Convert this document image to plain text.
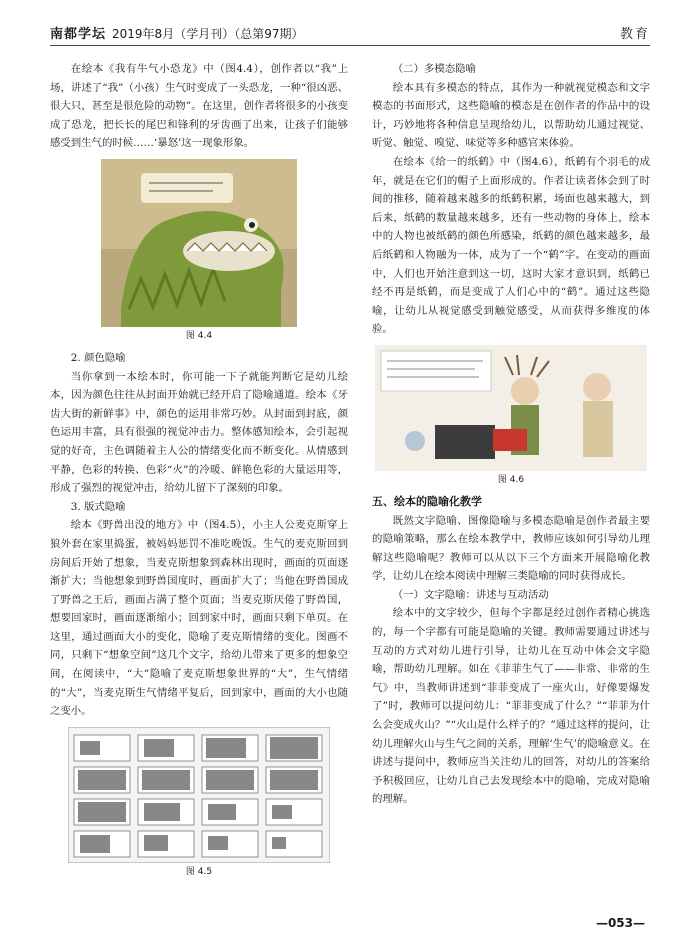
南都学坛 2019年8月（学月刊）（总第97期）	教育

在绘本《我有牛气小恐龙》中（图4.4），创作者以“我”上场，讲述了“我”（小孩）生气时变成了一头恐龙，一种“很凶恶、很大只，甚至是很危险的动物”。在这里，创作者将很多的小孩变成了恐龙，把长长的尾巴和锋利的牙齿画了出来，让孩子们能够感受到生气的时候……‘暴怒’这一现象形象。

图 4.4
2. 颜色隐喻

当你拿到一本绘本时，你可能一下子就能判断它是幼儿绘本，因为颜色往往从封面开始就已经开启了隐喻通道。绘本《牙齿大街的新鲜事》中，颜色的运用非常巧妙。从封面到封底，颜色运用丰富，具有很强的视觉冲击力。整体感知绘本，会引起视觉的好奇，主色调随着主人公的情绪变化而不断变化。从情感到平静，色彩的转换、色彩“火”的冷暖、鲜艳色彩的大量运用等，形成了强烈的视觉冲击，给幼儿留下了深刻的印象。

3. 版式隐喻

绘本《野兽出没的地方》中（图4.5），小主人公麦克斯穿上狼外套在家里捣蛋，被妈妈惩罚不准吃晚饭。生气的麦克斯回到房间后开始了想象，当麦克斯想象到森林出现时，画面的页面逐渐扩大；当他想象到野兽国度时，画面扩大了；当他在野兽国成了野兽之王后，画面占满了整个页面；当麦克斯厌倦了野兽国，想要回家时，画面逐渐缩小；回到家中时，画面只剩下单页。在这里，通过画面大小的变化，隐喻了麦克斯情绪的变化。图画不同，只剩下“想象空间”这几个文字，给幼儿带来了更多的想象空间，在阅读中，“大”隐喻了麦克斯想象世界的“大”，生气情绪的“大”，当麦克斯生气情绪平复后，回到家中，画面的大小也随之变小。

图 4.5
（二）多模态隐喻

绘本具有多模态的特点，其作为一种就视觉模态和文字模态的书面形式，这些隐喻的模态是在创作者的作品中的设计，巧妙地将各种信息呈现给幼儿，以帮助幼儿通过视觉、听觉、触觉、嗅觉、味觉等多种感官来体验。

在绘本《给一的纸鹤》中（图4.6），纸鹤有个羽毛的成年，就是在它们的帽子上面形成的。作者让读者体会到了时间的推移，随着越来越多的纸鹤积累，场面也越来越大，到后来，纸鹤的数量越来越多，还有一些动物的身体上，绘本中的人物也被纸鹤的颜色所感染，纸鹤的颜色越来越多，最后纸鹤和人物融为一体，成为了一个“鹤”字。在变动的画面中，人们也开始注意到这一切，这时大家才意识到，纸鹤已经不再是纸鹤，而是变成了人们心中的“鹤”。通过这些隐喻，让幼儿从视觉感受到触觉感受，从而获得多维度的体验。

图 4.6
五、绘本的隐喻化教学

既然文字隐喻、图像隐喻与多模态隐喻是创作者最主要的隐喻策略，那么在绘本教学中，教师应该如何引导幼儿理解这些隐喻呢？教师可以从以下三个方面来开展隐喻化教学，让幼儿在绘本阅读中理解三类隐喻的同时获得成长。

（一）文字隐喻：讲述与互动活动

绘本中的文字较少，但每个字都是经过创作者精心挑选的，每一个字都有可能是隐喻的关键。教师需要通过讲述与互动的方式对幼儿进行引导，让幼儿在互动中体会文字隐喻，帮助幼儿理解。如在《菲菲生气了——非常、非常的生气》中，当教师讲述到“菲菲变成了一座火山，好像要爆发了”时，教师可以提问幼儿：“菲菲变成了什么？”“菲菲为什么会变成火山？”“火山是什么样子的？”通过这样的提问，让幼儿理解火山与生气之间的关系，理解‘生气’的隐喻意义。在讲述与提问中，教师应当关注幼儿的回答，对幼儿的答案给予积极回应，让幼儿自己去发现绘本中的隐喻，完成对隐喻的理解。

—053—
